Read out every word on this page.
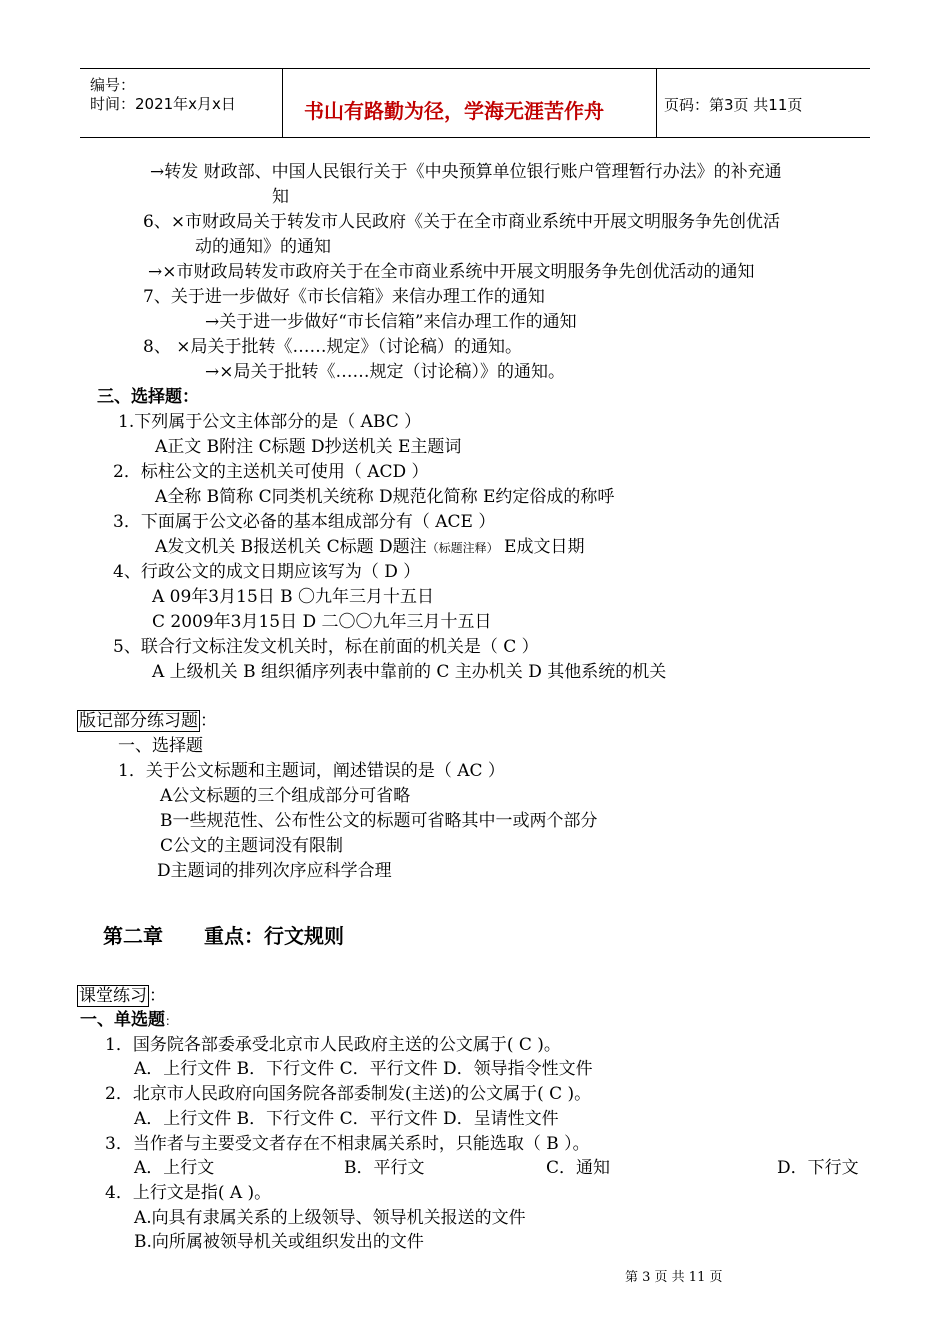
编号：
时间：2021年x月x日	书山有路勤为径，学海无涯苦作舟	页码：第3页 共11页
→转发 财政部、中国人民银行关于《中央预算单位银行账户管理暂行办法》的补充通
知
6、×市财政局关于转发市人民政府《关于在全市商业系统中开展文明服务争先创优活
动的通知》的通知
→×市财政局转发市政府关于在全市商业系统中开展文明服务争先创优活动的通知
7、关于进一步做好《市长信箱》来信办理工作的通知
→关于进一步做好“市长信箱”来信办理工作的通知
8、 ×局关于批转《……规定》（讨论稿）的通知。
→×局关于批转《……规定（讨论稿）》的通知。
三、选择题：
1.下列属于公文主体部分的是（ ABC ）
A正文 B附注 C标题 D抄送机关 E主题词
2．标柱公文的主送机关可使用（ ACD ）
A全称 B简称 C同类机关统称 D规范化简称 E约定俗成的称呼
3．下面属于公文必备的基本组成部分有（ ACE ）
A发文机关 B报送机关 C标题 D题注（标题注释） E成文日期
4、行政公文的成文日期应该写为（ D ）
A 09年3月15日 B 〇九年三月十五日
C 2009年3月15日 D 二〇〇九年三月十五日
5、联合行文标注发文机关时，标在前面的机关是（ C ）
A 上级机关 B 组织循序列表中靠前的 C 主办机关 D 其他系统的机关
版记部分练习题 ：
一、选择题
1．关于公文标题和主题词，阐述错误的是（ AC ）
A公文标题的三个组成部分可省略
B一些规范性、公布性公文的标题可省略其中一或两个部分
C公文的主题词没有限制
D主题词的排列次序应科学合理
第二章 重点：行文规则
课堂练习 ：
一、单选题：
1．国务院各部委承受北京市人民政府主送的公文属于( C )。
A．上行文件 B．下行文件 C．平行文件 D．领导指令性文件
2．北京市人民政府向国务院各部委制发(主送)的公文属于( C )。
A．上行文件 B．下行文件 C．平行文件 D．呈请性文件
3．当作者与主要受文者存在不相隶属关系时，只能选取（ B ）。
A．上行文	B．平行文	C．通知	D．下行文
4．上行文是指( A )。
A.向具有隶属关系的上级领导、领导机关报送的文件
B.向所属被领导机关或组织发出的文件
第 3 页 共 11 页
